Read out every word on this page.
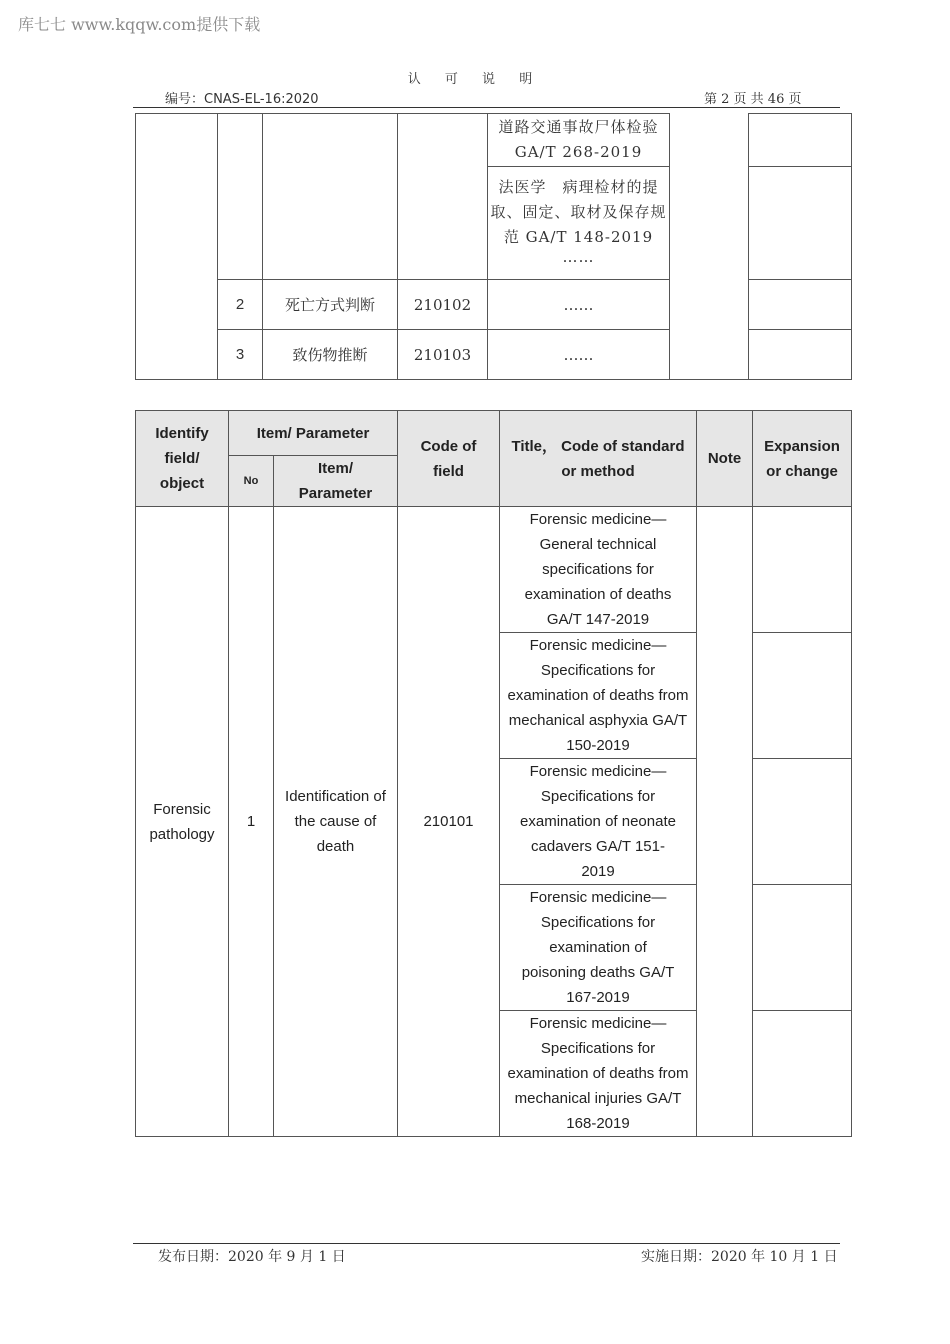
库七七 www.kqqw.com提供下载
认 可 说 明
编号：CNAS-EL-16:2020	第 2 页 共 46 页
				道路交通事故尸体检验 GA/T 268-2019		

				法医学　病理检材的提取、固定、取材及保存规范 GA/T 148-2019
……		

	2	死亡方式判断	210102	……		
	3	致伤物推断	210103	……		
Identify field/ object	Item/ Parameter		Code of field	Title， Code of standard or method	Note	Expansion or change
	No	Item/ Parameter				
Forensic pathology	1	Identification of the cause of death	210101	Forensic medicine—General technical specifications for examination of deaths GA/T 147-2019		
				Forensic medicine—Specifications for examination of deaths from mechanical asphyxia GA/T 150-2019		
				Forensic medicine—Specifications for examination of neonate cadavers GA/T 151-2019		
				Forensic medicine—Specifications for examination of poisoning deaths GA/T 167-2019		
				Forensic medicine—Specifications for examination of deaths from mechanical injuries GA/T 168-2019		
发布日期：2020 年 9 月 1 日	实施日期：2020 年 10 月 1 日
